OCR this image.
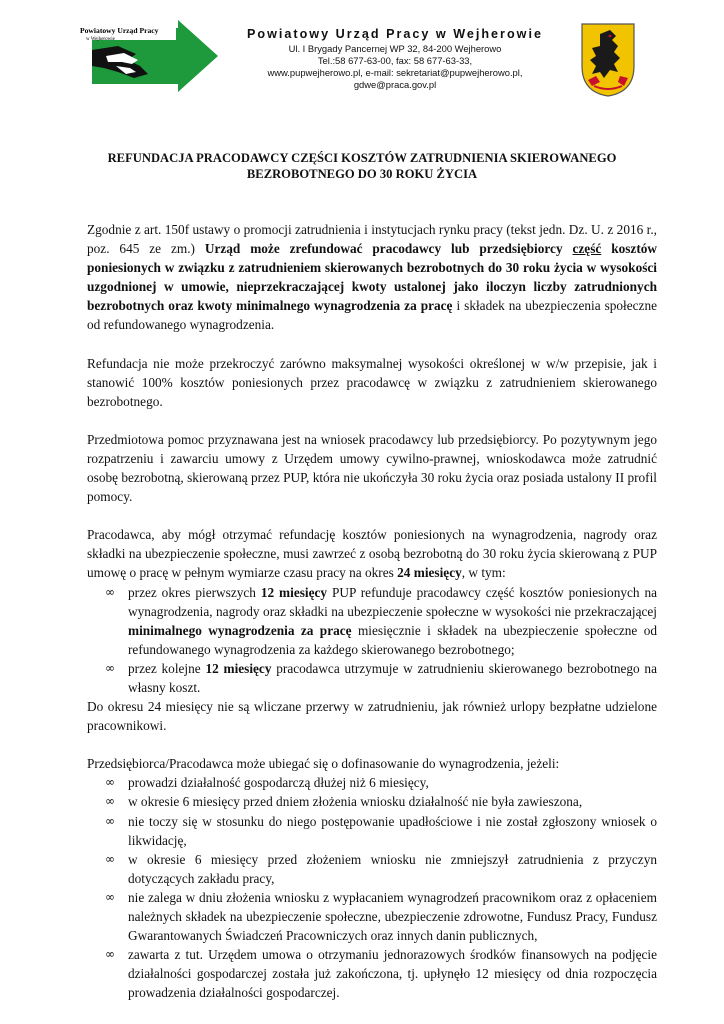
Powiatowy Urząd Pracy
w Wejherowie	Powiatowy Urząd Pracy w Wejherowie
Ul. I Brygady Pancernej WP 32, 84-200 Wejherowo
Tel.:58 677-63-00, fax: 58 677-63-33,
www.pupwejherowo.pl, e-mail: sekretariat@pupwejherowo.pl,
gdwe@praca.gov.pl
REFUNDACJA PRACODAWCY CZĘŚCI KOSZTÓW ZATRUDNIENIA SKIEROWANEGO BEZROBOTNEGO DO 30 ROKU ŻYCIA

Zgodnie z art. 150f ustawy o promocji zatrudnienia i instytucjach rynku pracy (tekst jedn. Dz. U. z 2016 r., poz. 645 ze zm.) Urząd może zrefundować pracodawcy lub przedsiębiorcy część kosztów poniesionych w związku z zatrudnieniem skierowanych bezrobotnych do 30 roku życia w wysokości uzgodnionej w umowie, nieprzekraczającej kwoty ustalonej jako iloczyn liczby zatrudnionych bezrobotnych oraz kwoty minimalnego wynagrodzenia za pracę i składek na ubezpieczenia społeczne od refundowanego wynagrodzenia.

Refundacja nie może przekroczyć zarówno maksymalnej wysokości określonej w w/w przepisie, jak i stanowić 100% kosztów poniesionych przez pracodawcę w związku z zatrudnieniem skierowanego bezrobotnego.

Przedmiotowa pomoc przyznawana jest na wniosek pracodawcy lub przedsiębiorcy. Po pozytywnym jego rozpatrzeniu i zawarciu umowy z Urzędem umowy cywilno-prawnej, wnioskodawca może zatrudnić osobę bezrobotną, skierowaną przez PUP, która nie ukończyła 30 roku życia oraz posiada ustalony II profil pomocy.

Pracodawca, aby mógł otrzymać refundację kosztów poniesionych na wynagrodzenia, nagrody oraz składki na ubezpieczenie społeczne, musi zawrzeć z osobą bezrobotną do 30 roku życia skierowaną z PUP umowę o pracę w pełnym wymiarze czasu pracy na okres 24 miesięcy, w tym:

∞ przez okres pierwszych 12 miesięcy PUP refunduje pracodawcy część kosztów poniesionych na wynagrodzenia, nagrody oraz składki na ubezpieczenie społeczne w wysokości nie przekraczającej minimalnego wynagrodzenia za pracę miesięcznie i składek na ubezpieczenie społeczne od refundowanego wynagrodzenia za każdego skierowanego bezrobotnego;
∞ przez kolejne 12 miesięcy pracodawca utrzymuje w zatrudnieniu skierowanego bezrobotnego na własny koszt.

Do okresu 24 miesięcy nie są wliczane przerwy w zatrudnieniu, jak również urlopy bezpłatne udzielone pracownikowi.

Przedsiębiorca/Pracodawca może ubiegać się o dofinasowanie do wynagrodzenia, jeżeli:

∞ prowadzi działalność gospodarczą dłużej niż 6 miesięcy,
∞ w okresie 6 miesięcy przed dniem złożenia wniosku działalność nie była zawieszona,
∞ nie toczy się w stosunku do niego postępowanie upadłościowe i nie został zgłoszony wniosek o likwidację,
∞ w okresie 6 miesięcy przed złożeniem wniosku nie zmniejszył zatrudnienia z przyczyn dotyczących zakładu pracy,
∞ nie zalega w dniu złożenia wniosku z wypłacaniem wynagrodzeń pracownikom oraz z opłaceniem należnych składek na ubezpieczenie społeczne, ubezpieczenie zdrowotne, Fundusz Pracy, Fundusz Gwarantowanych Świadczeń Pracowniczych oraz innych danin publicznych,
∞ zawarta z tut. Urzędem umowa o otrzymaniu jednorazowych środków finansowych na podjęcie działalności gospodarczej została już zakończona, tj. upłynęło 12 miesięcy od dnia rozpoczęcia prowadzenia działalności gospodarczej.
